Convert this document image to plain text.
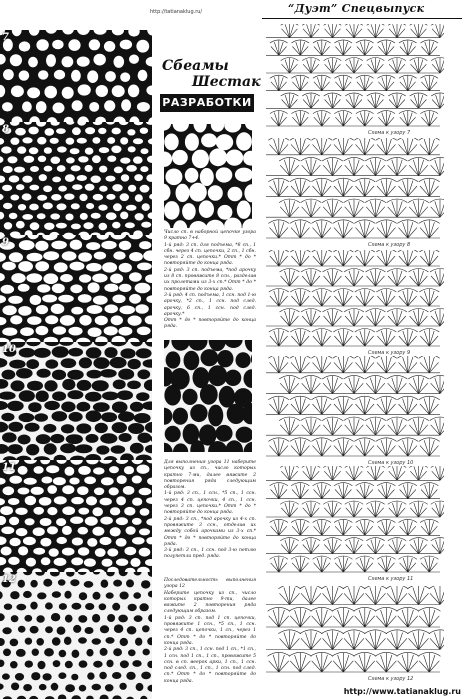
http://tatianaklug.ru/	“Дуэт” Спецвыпуск
7
8
9
10
11
12
Сбеамы
Шестак
РАЗРАБОТКИ
Число сп. в наборной цепочке узора 9 кратно 7+4.
1-й ряд: 3 сп. для подъема, *8 сп., 1 сбн. через 4 сп. цепочки, 2 сп., 1 сбн. через 2 сп. цепочки.* Отт * до * повторяйте до конца ряда.
2-й ряд: 3 сп. подъема, *под арочку из 8 сп. провяжите 8 ссн., разделив их пролетами из 3-х сп.* Отт * до * повторяйте до конца ряда.
3-й ряд: 4 сп. подъема, 1 ссн. под 1-ю арочку, *2 сп., 1 ссн. под след. арочку, 6 сп., 1 ссн. под след. арочку.*
Отт * до * повторяйте до конца ряда.
Для выполнения узора 11 наберите цепочку из сп., число которых кратно 7-ми, далее вяжите 2 повторения ряда следующим образом.
1-й ряд: 3 сп., 1 ссн., *5 сп., 1 ссн. через 4 сп. цепочки, 4 сп., 1 ссн. через 3 сп. цепочки.* Отт * до * повторяйте до конца ряда.
2-й ряд: 3 сп., *под арочку из 4-х сп. провяжите 3 ссн., отделив их между собой арочками из 3-х сп.* Отт * до * повторяйте до конца ряда.
3-й ряд: 3 сп., 1 ссн. под 3-ю петлю полупетли пред. ряда.
Последовательность выполнения узора 12
Наберите цепочку из сп., число которых кратно 9-ти, далее вяжите 2 повторения ряда следующим образом.
1-й ряд: 3 сп. под 1 сп. цепочки, провяжите 1 ссн., *5 сп., 1 ссн. через 4 сп. цепочки, 1 сп., через 1 сп.* Отт * до * повторяйте до конца ряда.
2-й ряд: 3 сп., 1 ссн. под 1 сп., *1 сп., 1 ссн. под 1 сп., 1 сп., провяжите 5 ссн. в сп. веерок арки, 1 сп., 1 ссн. под след. сп., 1 сп., 1 ссн. под след. сп.* Отт * до * повторяйте до конца ряда.
Схема к узору 7
Схема к узору 8
Схема к узору 9
Схема к узору 10
Схема к узору 11
Схема к узору 12
http://www.tatianaklug.ru
